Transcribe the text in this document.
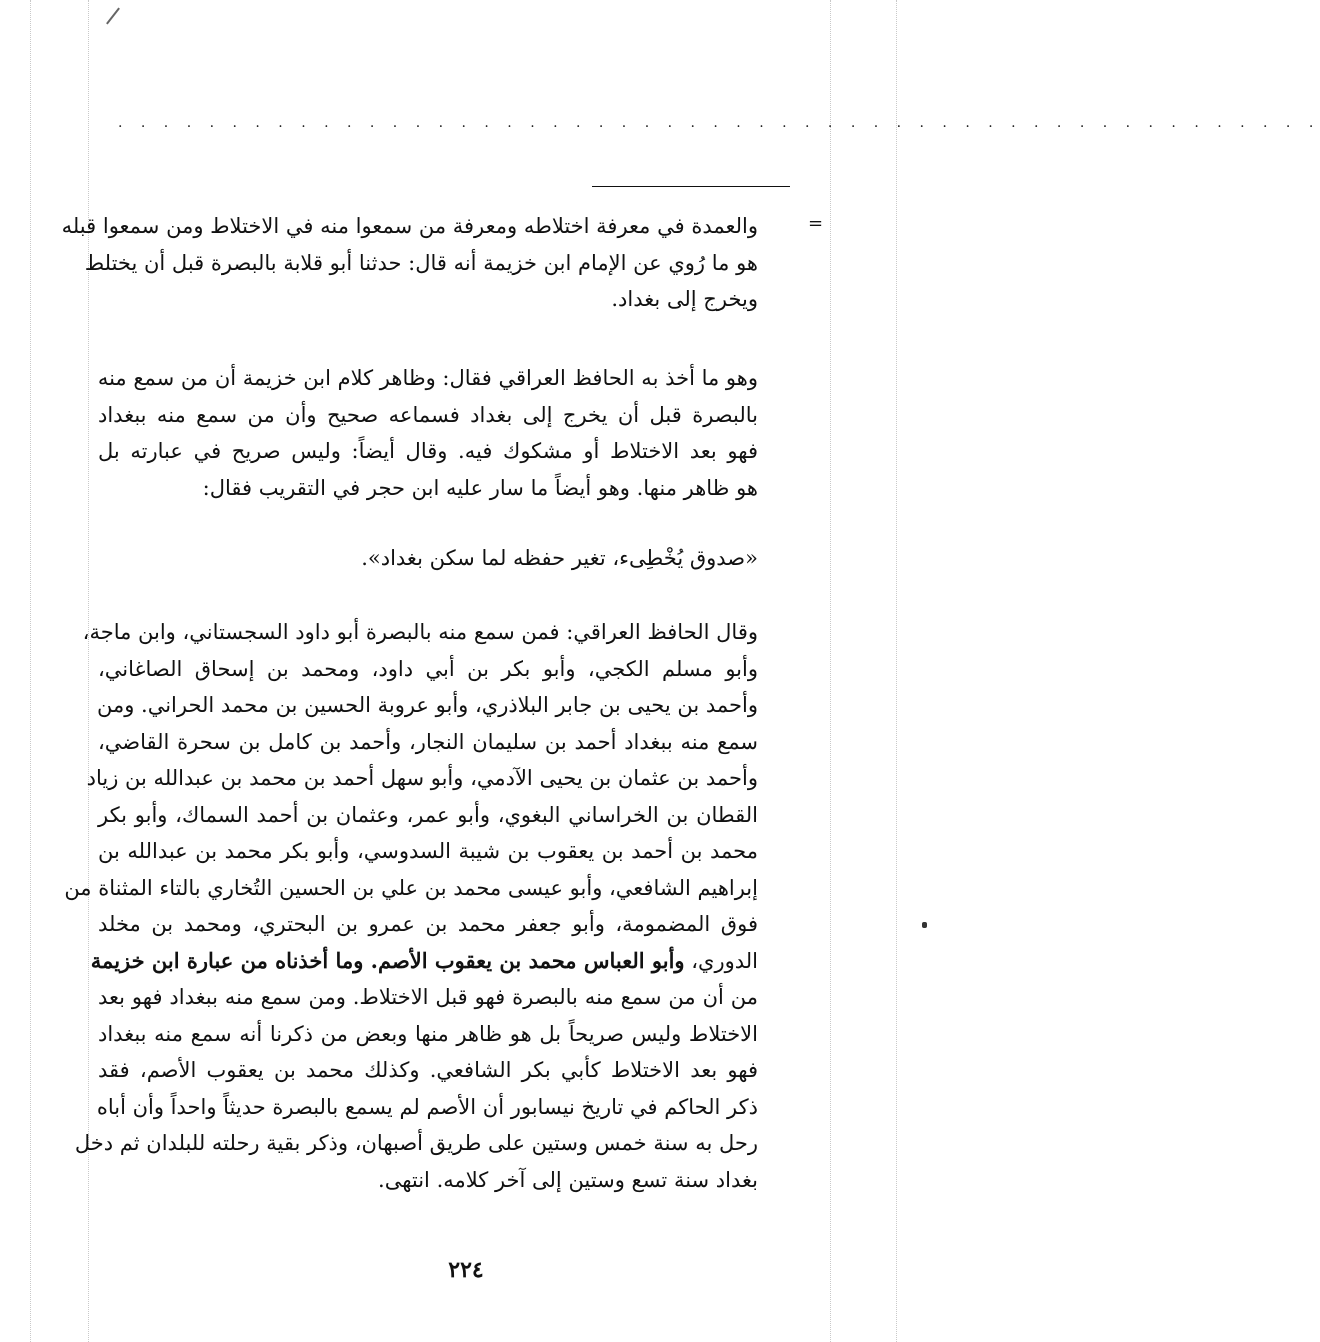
. . . . . . . . . . . . . . . . . . . . . . . . . . . . . . . . . . . . . . . . . . . . . . . . . . . . .
=
والعمدة في معرفة اختلاطه ومعرفة من سمعوا منه في الاختلاط ومن سمعوا قبله
هو ما رُوي عن الإمام ابن خزيمة أنه قال: حدثنا أبو قلابة بالبصرة قبل أن يختلط
ويخرج إلى بغداد.
وهو ما أخذ به الحافظ العراقي فقال: وظاهر كلام ابن خزيمة أن من سمع منه
بالبصرة قبل أن يخرج إلى بغداد فسماعه صحيح وأن من سمع منه ببغداد
فهو بعد الاختلاط أو مشكوك فيه. وقال أيضاً: وليس صريح في عبارته بل
هو ظاهر منها. وهو أيضاً ما سار عليه ابن حجر في التقريب فقال:
«صدوق يُخْطِىء، تغير حفظه لما سكن بغداد».
وقال الحافظ العراقي: فمن سمع منه بالبصرة أبو داود السجستاني، وابن ماجة،
وأبو مسلم الكجي، وأبو بكر بن أبي داود، ومحمد بن إسحاق الصاغاني،
وأحمد بن يحيى بن جابر البلاذري، وأبو عروبة الحسين بن محمد الحراني. ومن
سمع منه ببغداد أحمد بن سليمان النجار، وأحمد بن كامل بن سحرة القاضي،
وأحمد بن عثمان بن يحيى الآدمي، وأبو سهل أحمد بن محمد بن عبدالله بن زياد
القطان بن الخراساني البغوي، وأبو عمر، وعثمان بن أحمد السماك، وأبو بكر
محمد بن أحمد بن يعقوب بن شيبة السدوسي، وأبو بكر محمد بن عبدالله بن
إبراهيم الشافعي، وأبو عيسى محمد بن علي بن الحسين التُخاري بالتاء المثناة من
فوق المضمومة، وأبو جعفر محمد بن عمرو بن البحتري، ومحمد بن مخلد
الدوري، وأبو العباس محمد بن يعقوب الأصم. وما أخذناه من عبارة ابن خزيمة
من أن من سمع منه بالبصرة فهو قبل الاختلاط. ومن سمع منه ببغداد فهو بعد
الاختلاط وليس صريحاً بل هو ظاهر منها وبعض من ذكرنا أنه سمع منه ببغداد
فهو بعد الاختلاط كأبي بكر الشافعي. وكذلك محمد بن يعقوب الأصم، فقد
ذكر الحاكم في تاريخ نيسابور أن الأصم لم يسمع بالبصرة حديثاً واحداً وأن أباه
رحل به سنة خمس وستين على طريق أصبهان، وذكر بقية رحلته للبلدان ثم دخل
بغداد سنة تسع وستين إلى آخر كلامه. انتهى.
٢٢٤
